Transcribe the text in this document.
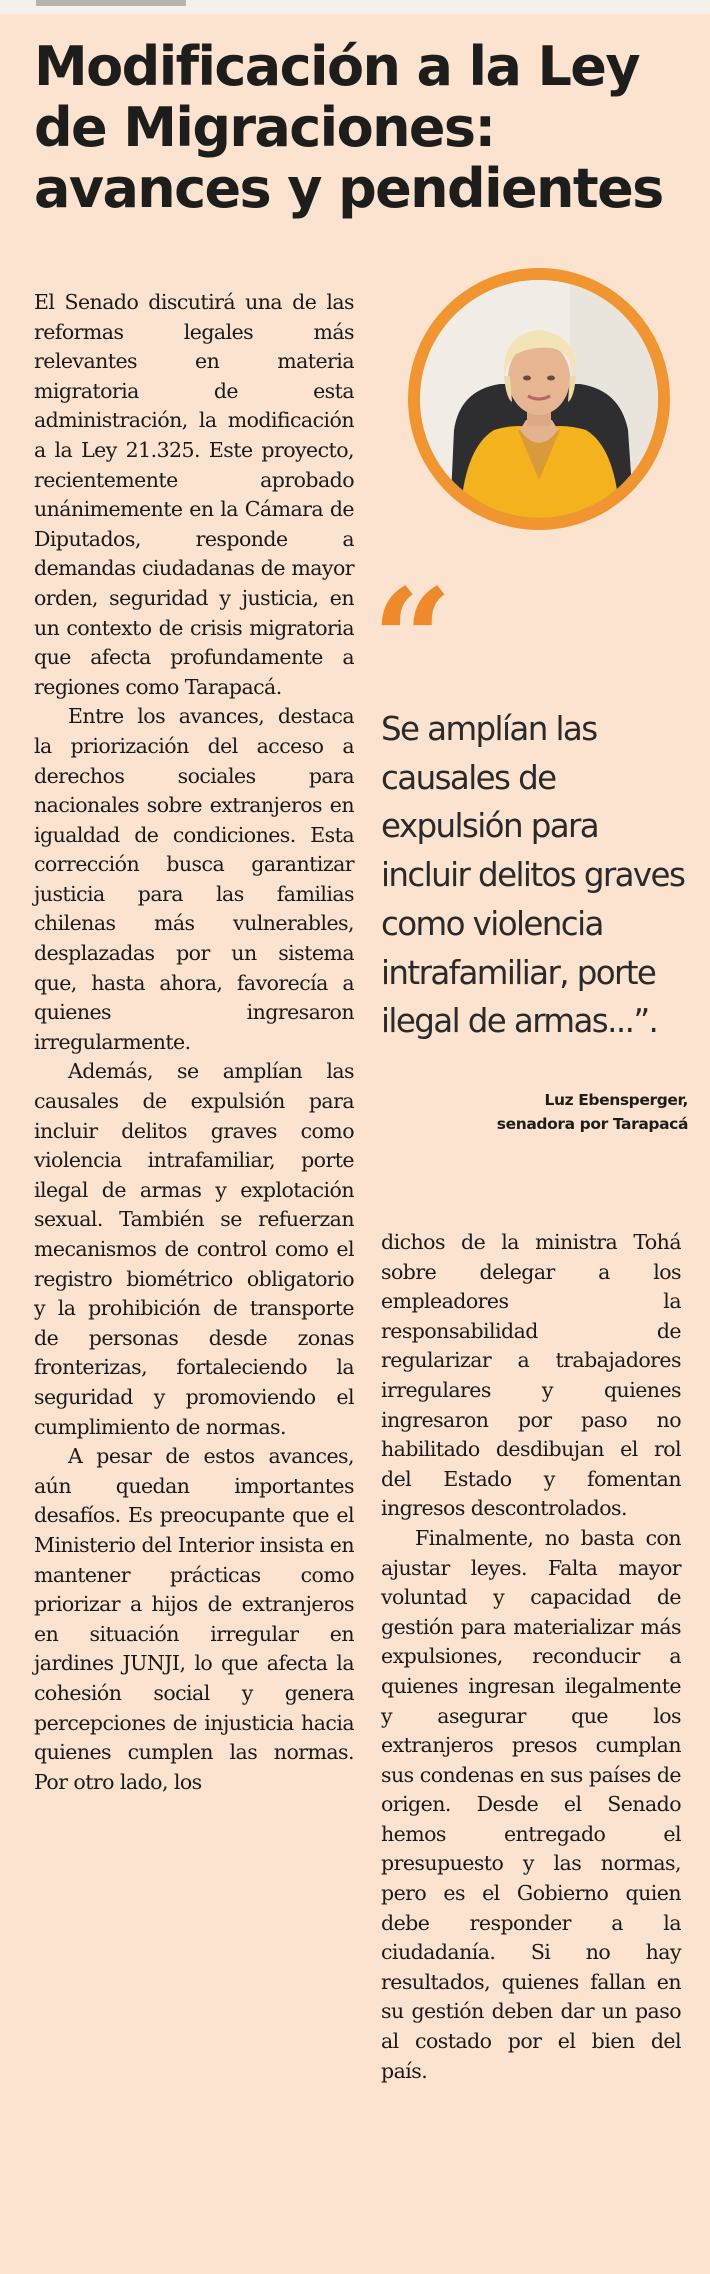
Modificación a la Ley de Migraciones: avances y pendientes

El Senado discutirá una de las reformas legales más relevantes en materia migratoria de esta administración, la modificación a la Ley 21.325. Este proyecto, recientemente aprobado unánimemente en la Cámara de Diputados, responde a demandas ciudadanas de mayor orden, seguridad y justicia, en un contexto de crisis migratoria que afecta profundamente a regiones como Tarapacá.

Entre los avances, destaca la priorización del acceso a derechos sociales para nacionales sobre extranjeros en igualdad de condiciones. Esta corrección busca garantizar justicia para las familias chilenas más vulnerables, desplazadas por un sistema que, hasta ahora, favorecía a quienes ingresaron irregularmente.

Además, se amplían las causales de expulsión para incluir delitos graves como violencia intrafamiliar, porte ilegal de armas y explotación sexual. También se refuerzan mecanismos de control como el registro biométrico obligatorio y la prohibición de transporte de personas desde zonas fronterizas, fortaleciendo la seguridad y promoviendo el cumplimiento de normas.

A pesar de estos avances, aún quedan importantes desafíos. Es preocupante que el Ministerio del Interior insista en mantener prácticas como priorizar a hijos de extranjeros en situación irregular en jardines JUNJI, lo que afecta la cohesión social y genera percepciones de injusticia hacia quienes cumplen las normas. Por otro lado, los

“

Se amplían las causales de expulsión para incluir delitos graves como violencia intrafamiliar, porte ilegal de armas...”.

Luz Ebensperger,
senadora por Tarapacá

dichos de la ministra Tohá sobre delegar a los empleadores la responsabilidad de regularizar a trabajadores irregulares y quienes ingresaron por paso no habilitado desdibujan el rol del Estado y fomentan ingresos descontrolados.

Finalmente, no basta con ajustar leyes. Falta mayor voluntad y capacidad de gestión para materializar más expulsiones, reconducir a quienes ingresan ilegalmente y asegurar que los extranjeros presos cumplan sus condenas en sus países de origen. Desde el Senado hemos entregado el presupuesto y las normas, pero es el Gobierno quien debe responder a la ciudadanía. Si no hay resultados, quienes fallan en su gestión deben dar un paso al costado por el bien del país.
